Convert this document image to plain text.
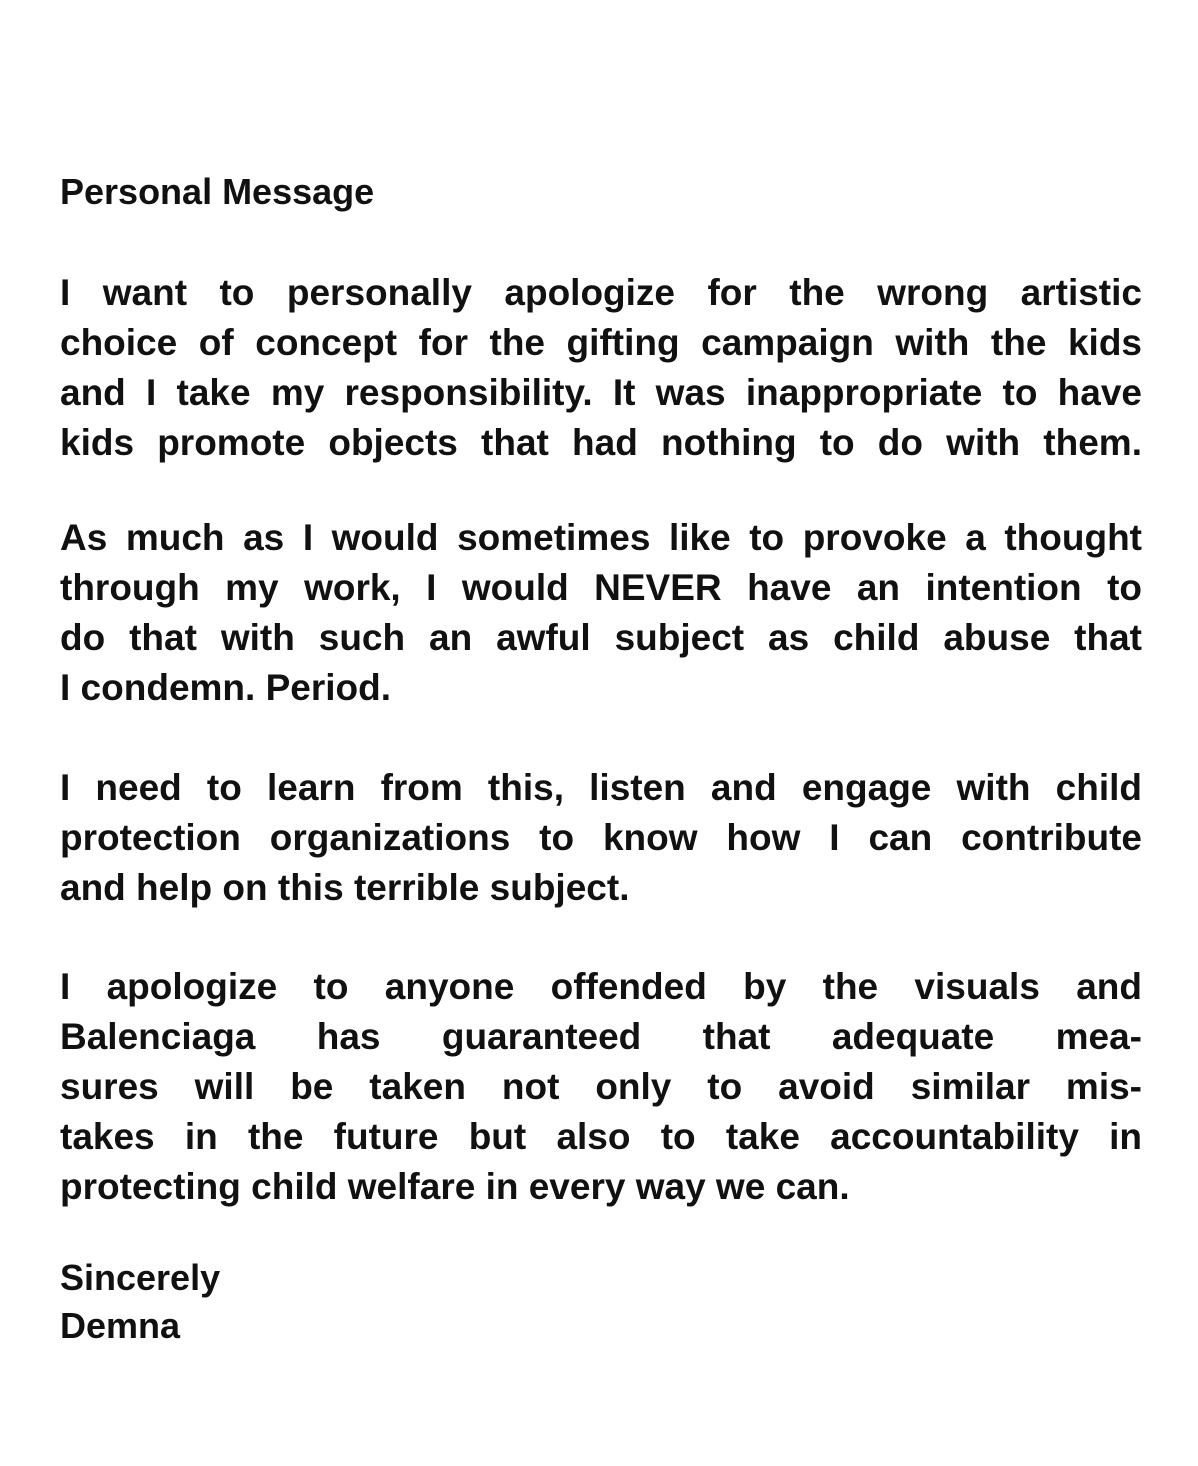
Personal Message
I want to personally apologize for the wrong artistic
choice of concept for the gifting campaign with the kids
and I take my responsibility. It was inappropriate to have
kids promote objects that had nothing to do with them.
As much as I would sometimes like to provoke a thought
through my work, I would NEVER have an intention to
do that with such an awful subject as child abuse that
I condemn. Period.
I need to learn from this, listen and engage with child
protection organizations to know how I can contribute
and help on this terrible subject.
I apologize to anyone offended by the visuals and
Balenciaga has guaranteed that adequate mea-
sures will be taken not only to avoid similar mis-
takes in the future but also to take accountability in
protecting child welfare in every way we can.
Sincerely
Demna
